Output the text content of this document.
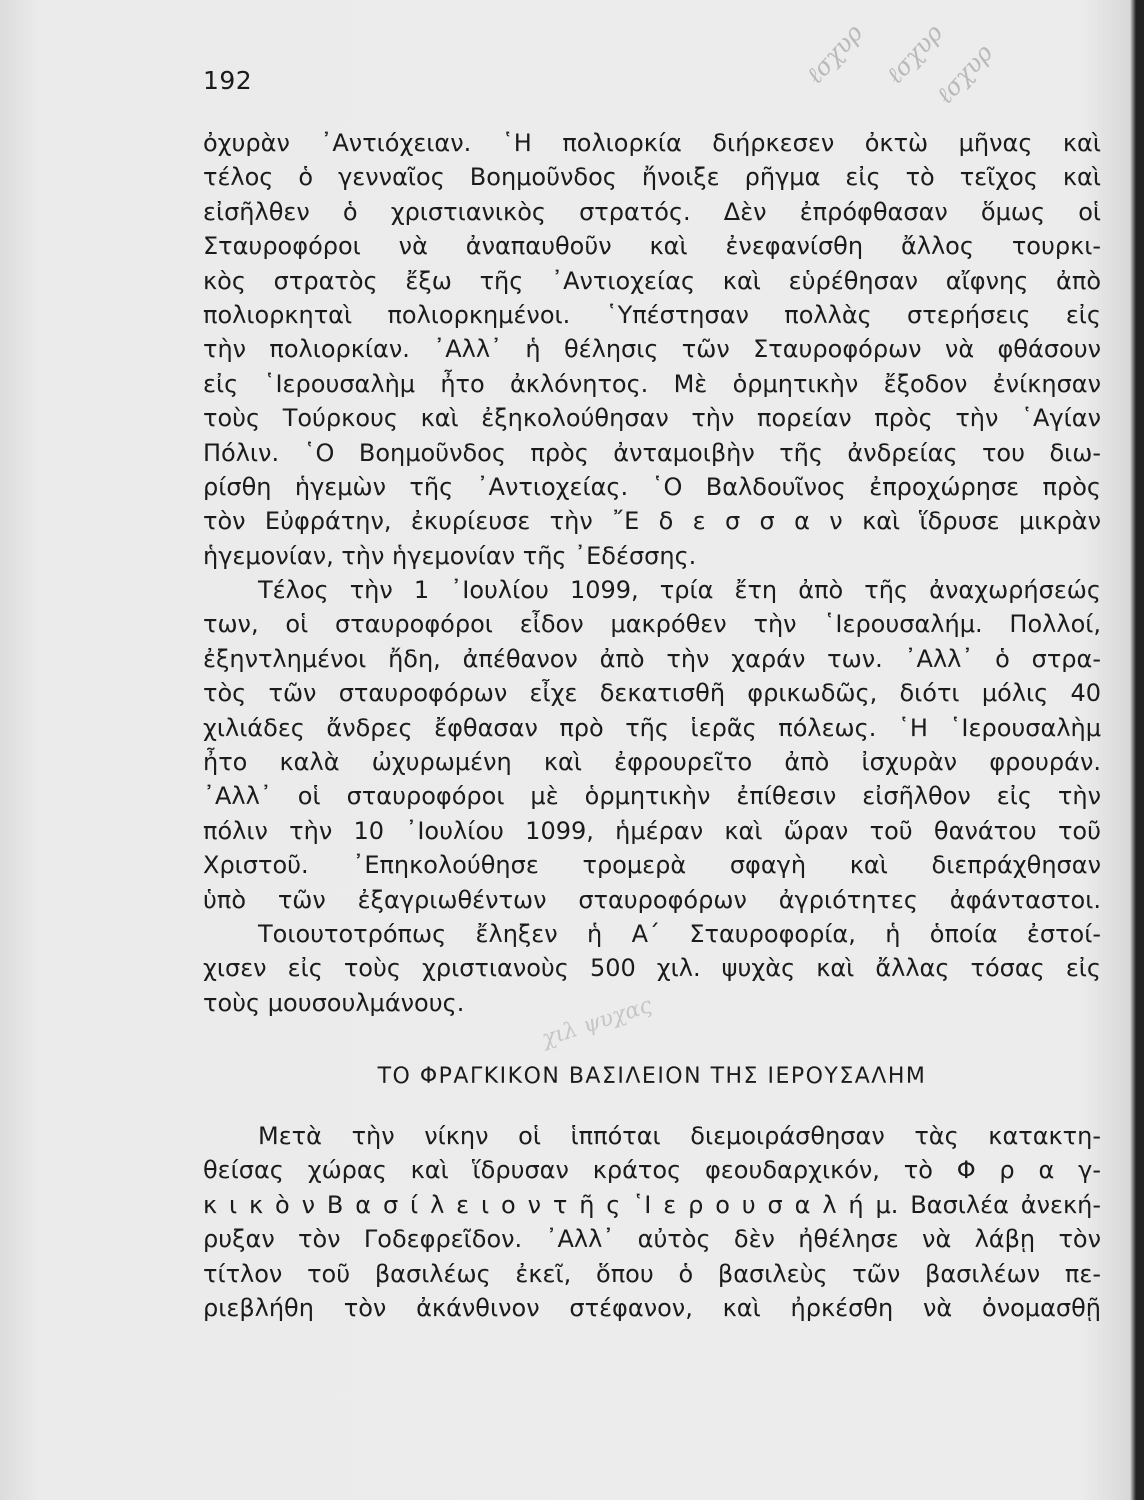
ℓσχυρ ℓσχυρ
ℓσχυρ
χιλ ψυχας
192
ὀχυρὰν ᾿Αντιόχειαν. ῾Η πολιορκία διήρκεσεν ὀκτὼ μῆνας καὶ
τέλος ὁ γενναῖος Βοημοῦνδος ἤνοιξε ρῆγμα εἰς τὸ τεῖχος καὶ
εἰσῆλθεν ὁ χριστιανικὸς στρατός. Δὲν ἐπρόφθασαν ὅμως οἱ
Σταυροφόροι νὰ ἀναπαυθοῦν καὶ ἐνεφανίσθη ἄλλος τουρκι-
κὸς στρατὸς ἔξω τῆς ᾿Αντιοχείας καὶ εὑρέθησαν αἴφνης ἀπὸ
πολιορκηταὶ πολιορκημένοι. ῾Υπέστησαν πολλὰς στερήσεις εἰς
τὴν πολιορκίαν. ᾿Αλλ᾿ ἡ θέλησις τῶν Σταυροφόρων νὰ φθάσουν
εἰς ῾Ιερουσαλὴμ ἦτο ἀκλόνητος. Μὲ ὁρμητικὴν ἔξοδον ἐνίκησαν
τοὺς Τούρκους καὶ ἐξηκολούθησαν τὴν πορείαν πρὸς τὴν ῾Αγίαν
Πόλιν. ῾Ο Βοημοῦνδος πρὸς ἀνταμοιβὴν τῆς ἀνδρείας του διω-
ρίσθη ἡγεμὼν τῆς ᾿Αντιοχείας. ῾Ο Βαλδουῖνος ἐπροχώρησε πρὸς
τὸν Εὐφράτην, ἐκυρίευσε τὴν ῎Ε δ ε σ σ α ν καὶ ἵδρυσε μικρὰν
ἡγεμονίαν, τὴν ἡγεμονίαν τῆς ᾿Εδέσσης.
Τέλος τὴν 1 ᾿Ιουλίου 1099, τρία ἔτη ἀπὸ τῆς ἀναχωρήσεώς
των, οἱ σταυροφόροι εἶδον μακρόθεν τὴν ῾Ιερουσαλήμ. Πολλοί,
ἐξηντλημένοι ἤδη, ἀπέθανον ἀπὸ τὴν χαράν των. ᾿Αλλ᾿ ὁ στρα-
τὸς τῶν σταυροφόρων εἶχε δεκατισθῆ φρικωδῶς, διότι μόλις 40
χιλιάδες ἄνδρες ἔφθασαν πρὸ τῆς ἱερᾶς πόλεως. ῾Η ῾Ιερουσαλὴμ
ἦτο καλὰ ὠχυρωμένη καὶ ἐφρουρεῖτο ἀπὸ ἰσχυρὰν φρουράν.
᾿Αλλ᾿ οἱ σταυροφόροι μὲ ὁρμητικὴν ἐπίθεσιν εἰσῆλθον εἰς τὴν
πόλιν τὴν 10 ᾿Ιουλίου 1099, ἡμέραν καὶ ὥραν τοῦ θανάτου τοῦ
Χριστοῦ. ᾿Επηκολούθησε τρομερὰ σφαγὴ καὶ διεπράχθησαν
ὑπὸ τῶν ἐξαγριωθέντων σταυροφόρων ἀγριότητες ἀφάνταστοι.
Τοιουτοτρόπως ἔληξεν ἡ Α΄ Σταυροφορία, ἡ ὁποία ἐστοί-
χισεν εἰς τοὺς χριστιανοὺς 500 χιλ. ψυχὰς καὶ ἄλλας τόσας εἰς
τοὺς μουσουλμάνους.
ΤΟ ΦΡΑΓΚΙΚΟΝ ΒΑΣΙΛΕΙΟΝ ΤΗΣ ΙΕΡΟΥΣΑΛΗΜ
Μετὰ τὴν νίκην οἱ ἱππόται διεμοιράσθησαν τὰς κατακτη-
θείσας χώρας καὶ ἵδρυσαν κράτος φεουδαρχικόν, τὸ Φ ρ α γ-
κ ι κ ὸ ν Β α σ ί λ ε ι ο ν τ ῆ ς ῾Ι ε ρ ο υ σ α λ ή μ. Βασιλέα ἀνεκή-
ρυξαν τὸν Γοδεφρεῖδον. ᾿Αλλ᾿ αὐτὸς δὲν ἠθέλησε νὰ λάβῃ τὸν
τίτλον τοῦ βασιλέως ἐκεῖ, ὅπου ὁ βασιλεὺς τῶν βασιλέων πε-
ριεβλήθη τὸν ἀκάνθινον στέφανον, καὶ ἠρκέσθη νὰ ὀνομασθῇ
